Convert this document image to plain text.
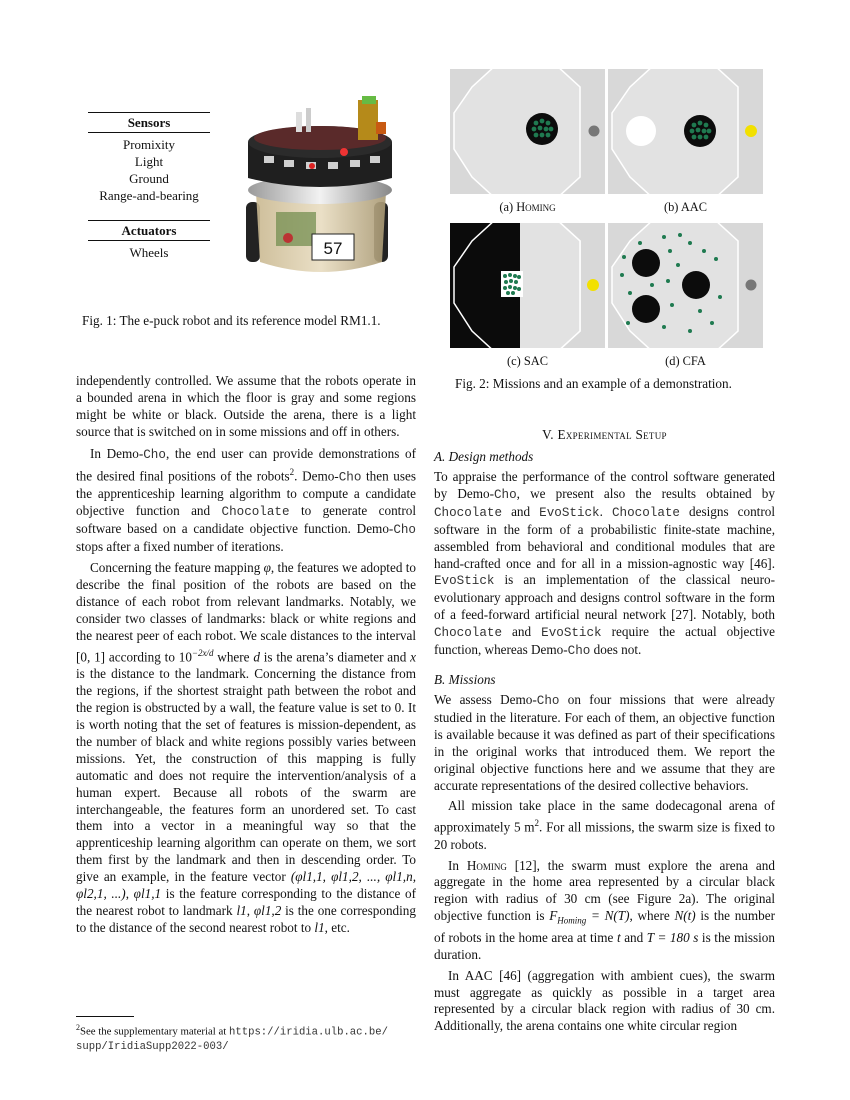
Sensors
Promixity
Light
Ground
Range-and-bearing
Actuators
Wheels	57
Fig. 1: The e-puck robot and its reference model RM1.1.
(a) Homing	(b) AAC
(c) SAC	(d) CFA
Fig. 2: Missions and an example of a demonstration.

independently controlled. We assume that the robots operate in a bounded arena in which the floor is gray and some regions might be white or black. Outside the arena, there is a light source that is switched on in some missions and off in others.

In Demo-Cho, the end user can provide demonstrations of the desired final positions of the robots$^2$. Demo-Cho then uses the apprenticeship learning algorithm to compute a candidate objective function and Chocolate to generate control software based on a candidate objective function. Demo-Cho stops after a fixed number of iterations.

Concerning the feature mapping φ, the features we adopted to describe the final position of the robots are based on the distance of each robot from relevant landmarks. Notably, we consider two classes of landmarks: black or white regions and the nearest peer of each robot. We scale distances to the interval [0, 1] according to $10^{-2x/d}$ where d is the arena’s diameter and x is the distance to the landmark. Concerning the distance from the regions, if the shortest straight path between the robot and the region is obstructed by a wall, the feature value is set to 0. It is worth noting that the set of features is mission-dependent, as the number of black and white regions possibly varies between missions. Yet, the construction of this mapping is fully automatic and does not require the intervention/analysis of a human expert. Because all robots of the swarm are interchangeable, the features form an unordered set. To cast them into a vector in a meaningful way so that the apprenticeship learning algorithm can operate on them, we sort them first by the landmark and then in descending order. To give an example, in the feature vector (φl1,1, φl1,2, ..., φl1,n, φl2,1, ...), φl1,1 is the feature corresponding to the distance of the nearest robot to landmark l1, φl1,2 is the one corresponding to the distance of the second nearest robot to l1, etc.

$^2$See the supplementary material at https://iridia.ulb.ac.be/
supp/IridiaSupp2022-003/
V. Experimental Setup
A. Design methods

To appraise the performance of the control software generated by Demo-Cho, we present also the results obtained by Chocolate and EvoStick. Chocolate designs control software in the form of a probabilistic finite-state machine, assembled from behavioral and conditional modules that are hand-crafted once and for all in a mission-agnostic way [46]. EvoStick is an implementation of the classical neuro-evolutionary approach and designs control software in the form of a feed-forward artificial neural network [27]. Notably, both Chocolate and EvoStick require the actual objective function, whereas Demo-Cho does not.

B. Missions

We assess Demo-Cho on four missions that were already studied in the literature. For each of them, an objective function is available because it was defined as part of their specifications in the original works that introduced them. We report the original objective functions here and we assume that they are accurate representations of the desired collective behaviors.

All mission take place in the same dodecagonal arena of approximately 5 $m^2$. For all missions, the swarm size is fixed to 20 robots.

In Homing [12], the swarm must explore the arena and aggregate in the home area represented by a circular black region with radius of 30 cm (see Figure 2a). The original objective function is $F_{Homing} = N(T)$, where N(t) is the number of robots in the home area at time t and T = 180 s is the mission duration.

In AAC [46] (aggregation with ambient cues), the swarm must aggregate as quickly as possible in a target area represented by a circular black region with radius of 30 cm. Additionally, the arena contains one white circular region
